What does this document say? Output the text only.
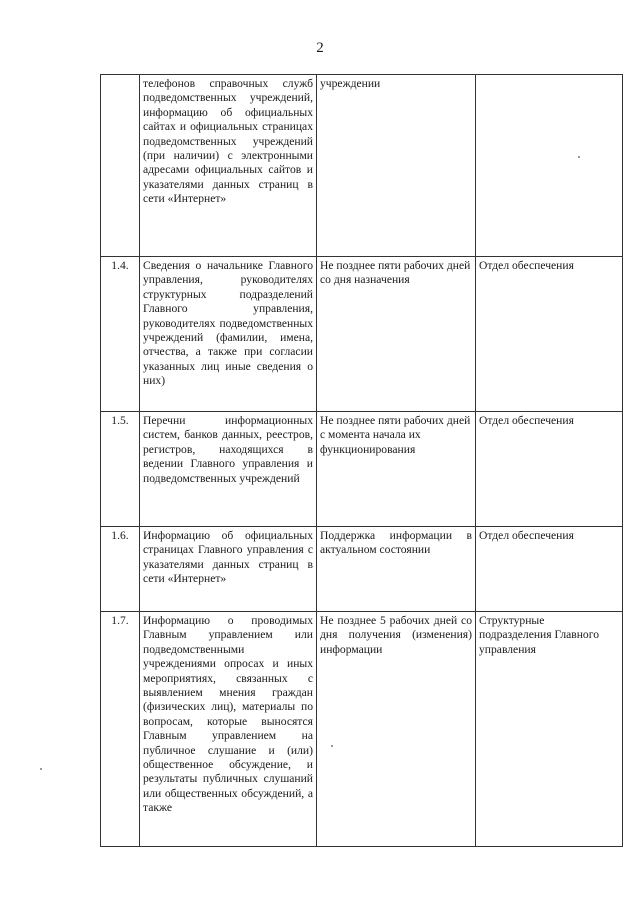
2
	телефонов справочных служб подведомственных учреждений, информацию об официальных сайтах и официальных страницах подведомственных учреждений (при наличии) с электронными адресами официальных сайтов и указателями данных страниц в сети «Интернет»	учреждении	
1.4.	Сведения о начальнике Главного управления, руководителях структурных подразделений Главного управления, руководителях подведомственных учреждений (фамилии, имена, отчества, а также при согласии указанных лиц иные сведения о них)	Не позднее пяти рабочих дней со дня назначения	Отдел обеспечения
1.5.	Перечни информационных систем, банков данных, реестров, регистров, находящихся в ведении Главного управления и подведомственных учреждений	Не позднее пяти рабочих дней с момента начала их функционирования	Отдел обеспечения
1.6.	Информацию об официальных страницах Главного управления с указателями данных страниц в сети «Интернет»	Поддержка информации в актуальном состоянии	Отдел обеспечения
1.7.	Информацию о проводимых Главным управлением или подведомственными учреждениями опросах и иных мероприятиях, связанных с выявлением мнения граждан (физических лиц), материалы по вопросам, которые выносятся Главным управлением на публичное слушание и (или) общественное обсуждение, и результаты публичных слушаний или общественных обсуждений, а также	Не позднее 5 рабочих дней со дня получения (изменения) информации	Структурные подразделения Главного управления
